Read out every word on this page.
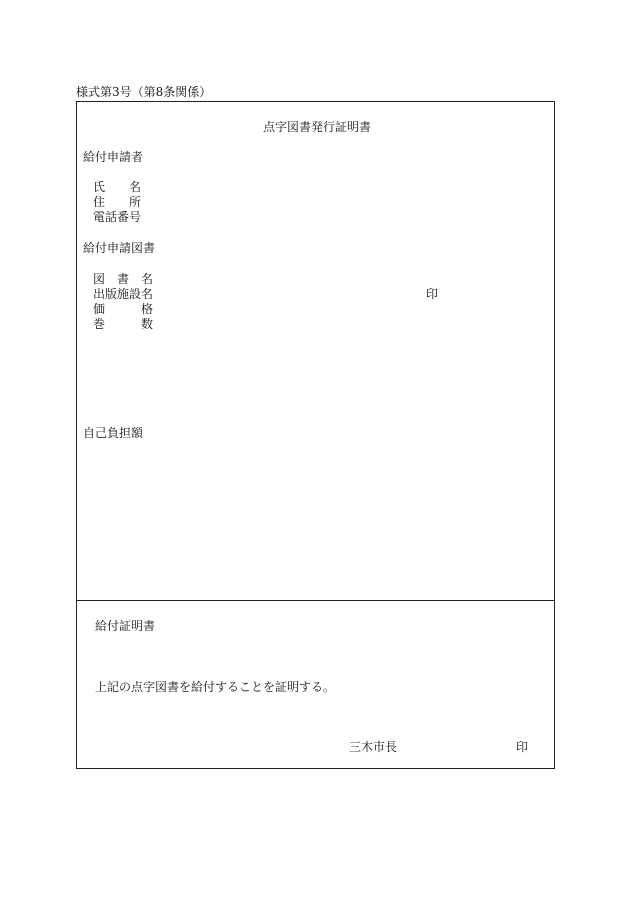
様式第3号（第8条関係）
点字図書発行証明書
給付申請者
氏　　名
住　　所
電話番号
給付申請図書
図　書　名
出版施設名	印
価　　　格
巻　　　数
自己負担額
給付証明書
上記の点字図書を給付することを証明する。
三木市長	印
